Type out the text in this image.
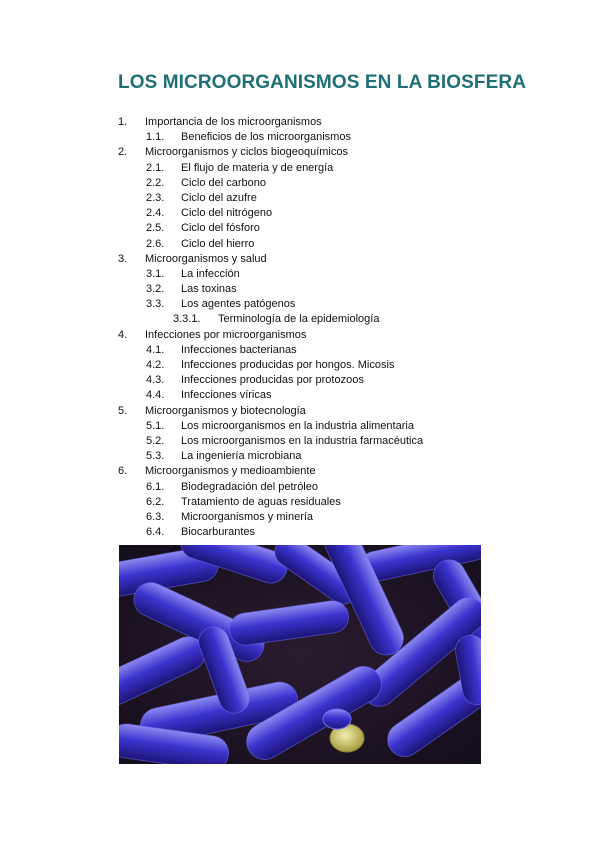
LOS MICROORGANISMOS EN LA BIOSFERA
1. Importancia de los microorganismos
1.1. Beneficios de los microorganismos
2. Microorganismos y ciclos biogeoquímicos
2.1. El flujo de materia y de energía
2.2. Ciclo del carbono
2.3. Ciclo del azufre
2.4. Ciclo del nitrógeno
2.5. Ciclo del fósforo
2.6. Ciclo del hierro
3. Microorganismos y salud
3.1. La infección
3.2. Las toxinas
3.3. Los agentes patógenos
3.3.1. Terminología de la epidemiología
4. Infecciones por microorganismos
4.1. Infecciones bacterianas
4.2. Infecciones producidas por hongos. Micosis
4.3. Infecciones producidas por protozoos
4.4. Infecciones víricas
5. Microorganismos y biotecnología
5.1. Los microorganismos en la industria alimentaria
5.2. Los microorganismos en la industria farmacéutica
5.3. La ingeniería microbiana
6. Microorganismos y medioambiente
6.1. Biodegradación del petróleo
6.2. Tratamiento de aguas residuales
6.3. Microorganismos y minería
6.4. Biocarburantes
